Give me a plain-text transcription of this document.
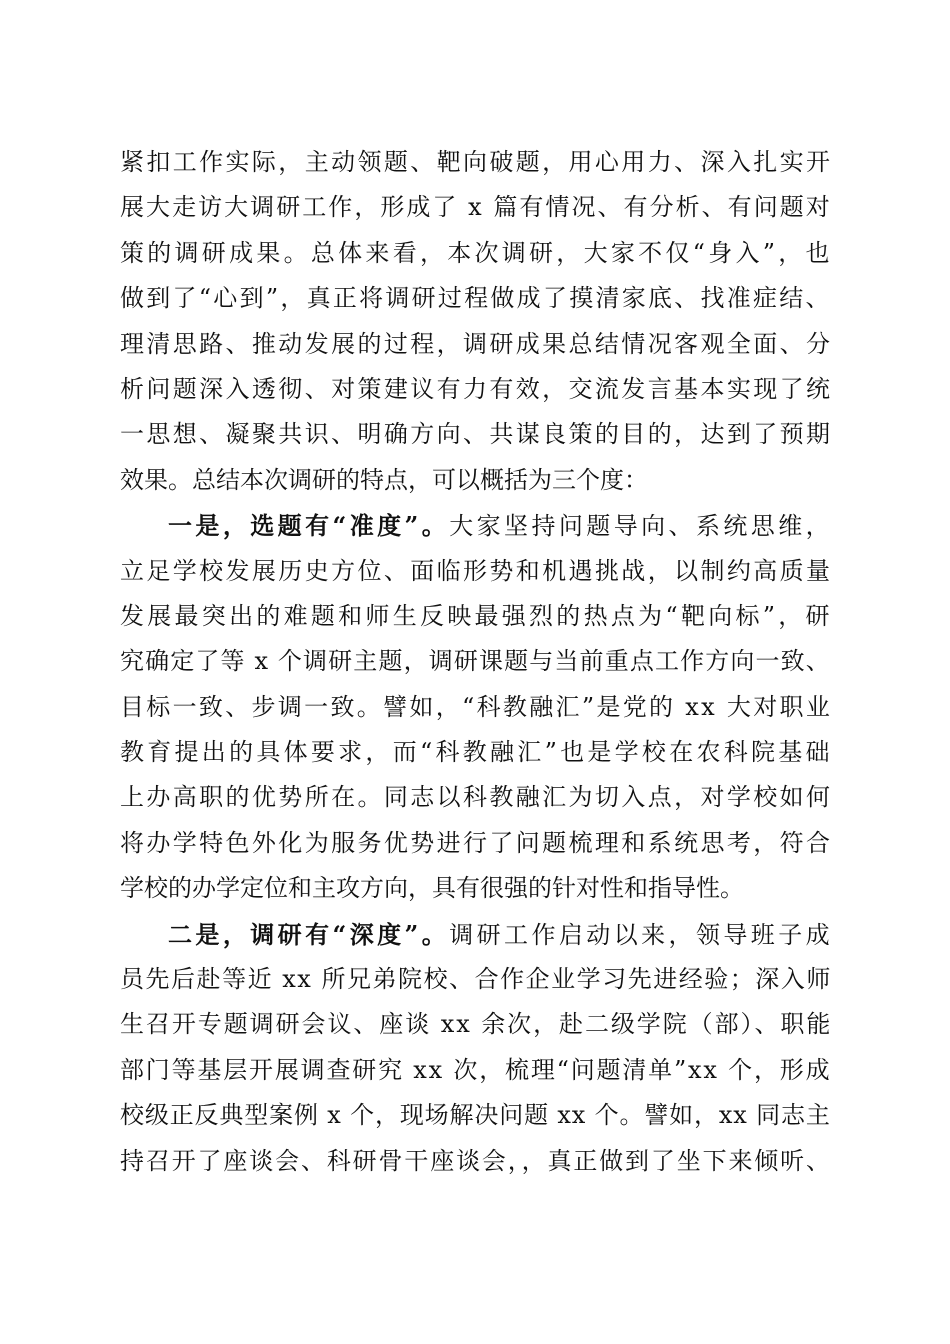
紧扣工作实际，主动领题、靶向破题，用心用力、深入扎实开
展大走访大调研工作，形成了 x 篇有情况、有分析、有问题对
策的调研成果。总体来看，本次调研，大家不仅“身入”，也
做到了“心到”，真正将调研过程做成了摸清家底、找准症结、
理清思路、推动发展的过程，调研成果总结情况客观全面、分
析问题深入透彻、对策建议有力有效，交流发言基本实现了统
一思想、凝聚共识、明确方向、共谋良策的目的，达到了预期
效果。总结本次调研的特点，可以概括为三个度：
一是，选题有“准度”。大家坚持问题导向、系统思维，
立足学校发展历史方位、面临形势和机遇挑战，以制约高质量
发展最突出的难题和师生反映最强烈的热点为“靶向标”，研
究确定了等 x 个调研主题，调研课题与当前重点工作方向一致、
目标一致、步调一致。譬如，“科教融汇”是党的 xx 大对职业
教育提出的具体要求，而“科教融汇”也是学校在农科院基础
上办高职的优势所在。同志以科教融汇为切入点，对学校如何
将办学特色外化为服务优势进行了问题梳理和系统思考，符合
学校的办学定位和主攻方向，具有很强的针对性和指导性。
二是，调研有“深度”。调研工作启动以来，领导班子成
员先后赴等近 xx 所兄弟院校、合作企业学习先进经验；深入师
生召开专题调研会议、座谈 xx 余次，赴二级学院（部）、职能
部门等基层开展调查研究 xx 次，梳理“问题清单”xx 个，形成
校级正反典型案例 x 个，现场解决问题 xx 个。譬如，xx 同志主
持召开了座谈会、科研骨干座谈会，，真正做到了坐下来倾听、
